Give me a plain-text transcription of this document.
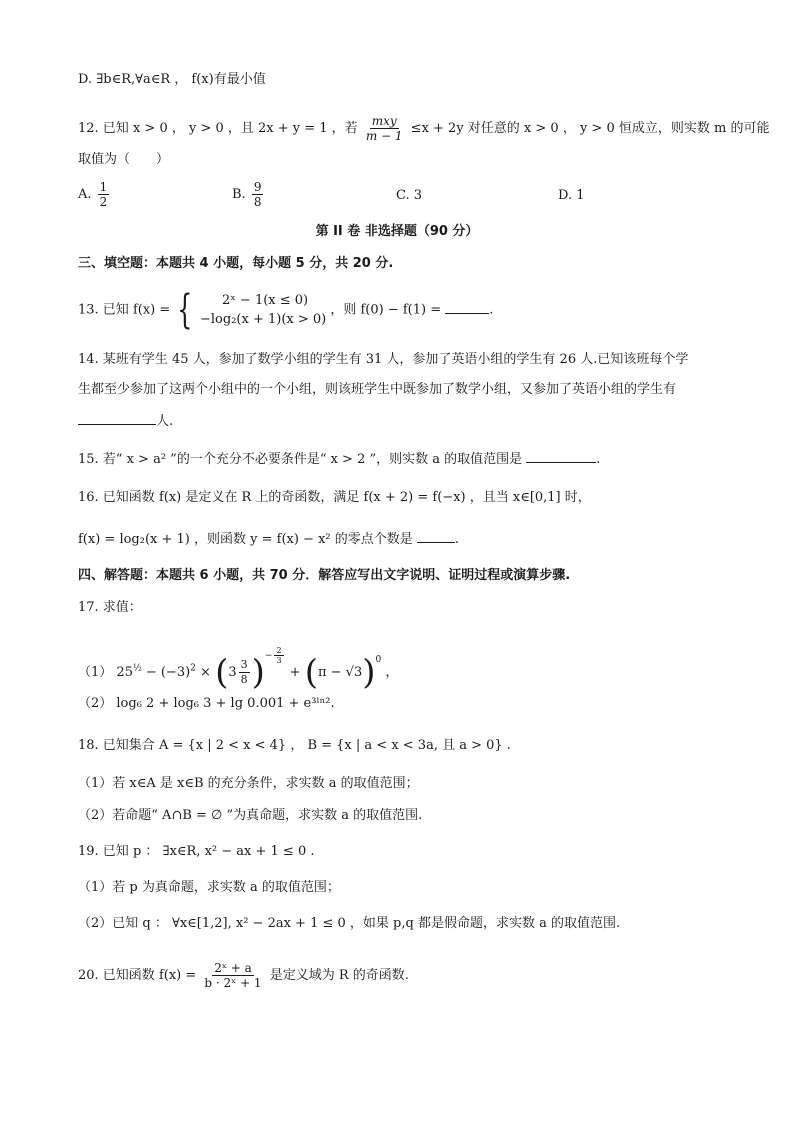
D. ∃b∈R,∀a∈R ， f(x)有最小值
12. 已知 x > 0 ， y > 0 ，且 2x + y = 1 ，若 $\frac{\text{mxy}}{m - 1} \le x + 2y$ 对任意的 x > 0 ， y > 0 恒成立，则实数 m 的可能
取值为（　　）
A. $\frac{1}{2}$	B. $\frac{9}{8}$	C. 3	D. 1
第 II 卷 非选择题（90 分）
三、填空题：本题共 4 小题，每小题 5 分，共 20 分.
13. 已知 f(x) = {	2ˣ − 1(x ≤ 0)
−log₂(x + 1)(x > 0)
，则 f(0) − f(1) =	.
14. 某班有学生 45 人，参加了数学小组的学生有 31 人，参加了英语小组的学生有 26 人.已知该班每个学
生都至少参加了这两个小组中的一个小组，则该班学生中既参加了数学小组，又参加了英语小组的学生有
人.
15. 若“ x > a² ”的一个充分不必要条件是“ x > 2 ”，则实数 a 的取值范围是	.
16. 已知函数 f(x) 是定义在 R 上的奇函数，满足 f(x + 2) = f(−x) ，且当 x∈[0,1] 时，
f(x) = log₂(x + 1) ，则函数 y = f(x) − x² 的零点个数是	.
四、解答题：本题共 6 小题，共 70 分．解答应写出文字说明、证明过程或演算步骤.
17. 求值：
（1） $25^{\frac{1}{2}} - (-3)^2 \times (3 \frac{3}{8} )^{- \frac{2}{3}}$
+ $(\pi - √3)^0$ ，
（2） log₆ 2 + log₆ 3 + lg 0.001 + e³ˡⁿ².
18. 已知集合 A = {x | 2 < x < 4} ， B = {x | a < x < 3a, 且 a > 0} .
（1）若 x∈A 是 x∈B 的充分条件，求实数 a 的取值范围；
（2）若命题“ A∩B = ∅ ”为真命题，求实数 a 的取值范围.
19. 已知 p ： ∃x∈R, x² − ax + 1 ≤ 0 .
（1）若 p 为真命题，求实数 a 的取值范围；
（2）已知 q ： ∀x∈[1,2], x² − 2ax + 1 ≤ 0 ，如果 p,q 都是假命题，求实数 a 的取值范围.
20. 已知函数 $f(x) = \frac{\text{2ˣ + a}}{\text{b · 2ˣ + 1}}$ 是定义域为 R 的奇函数.
